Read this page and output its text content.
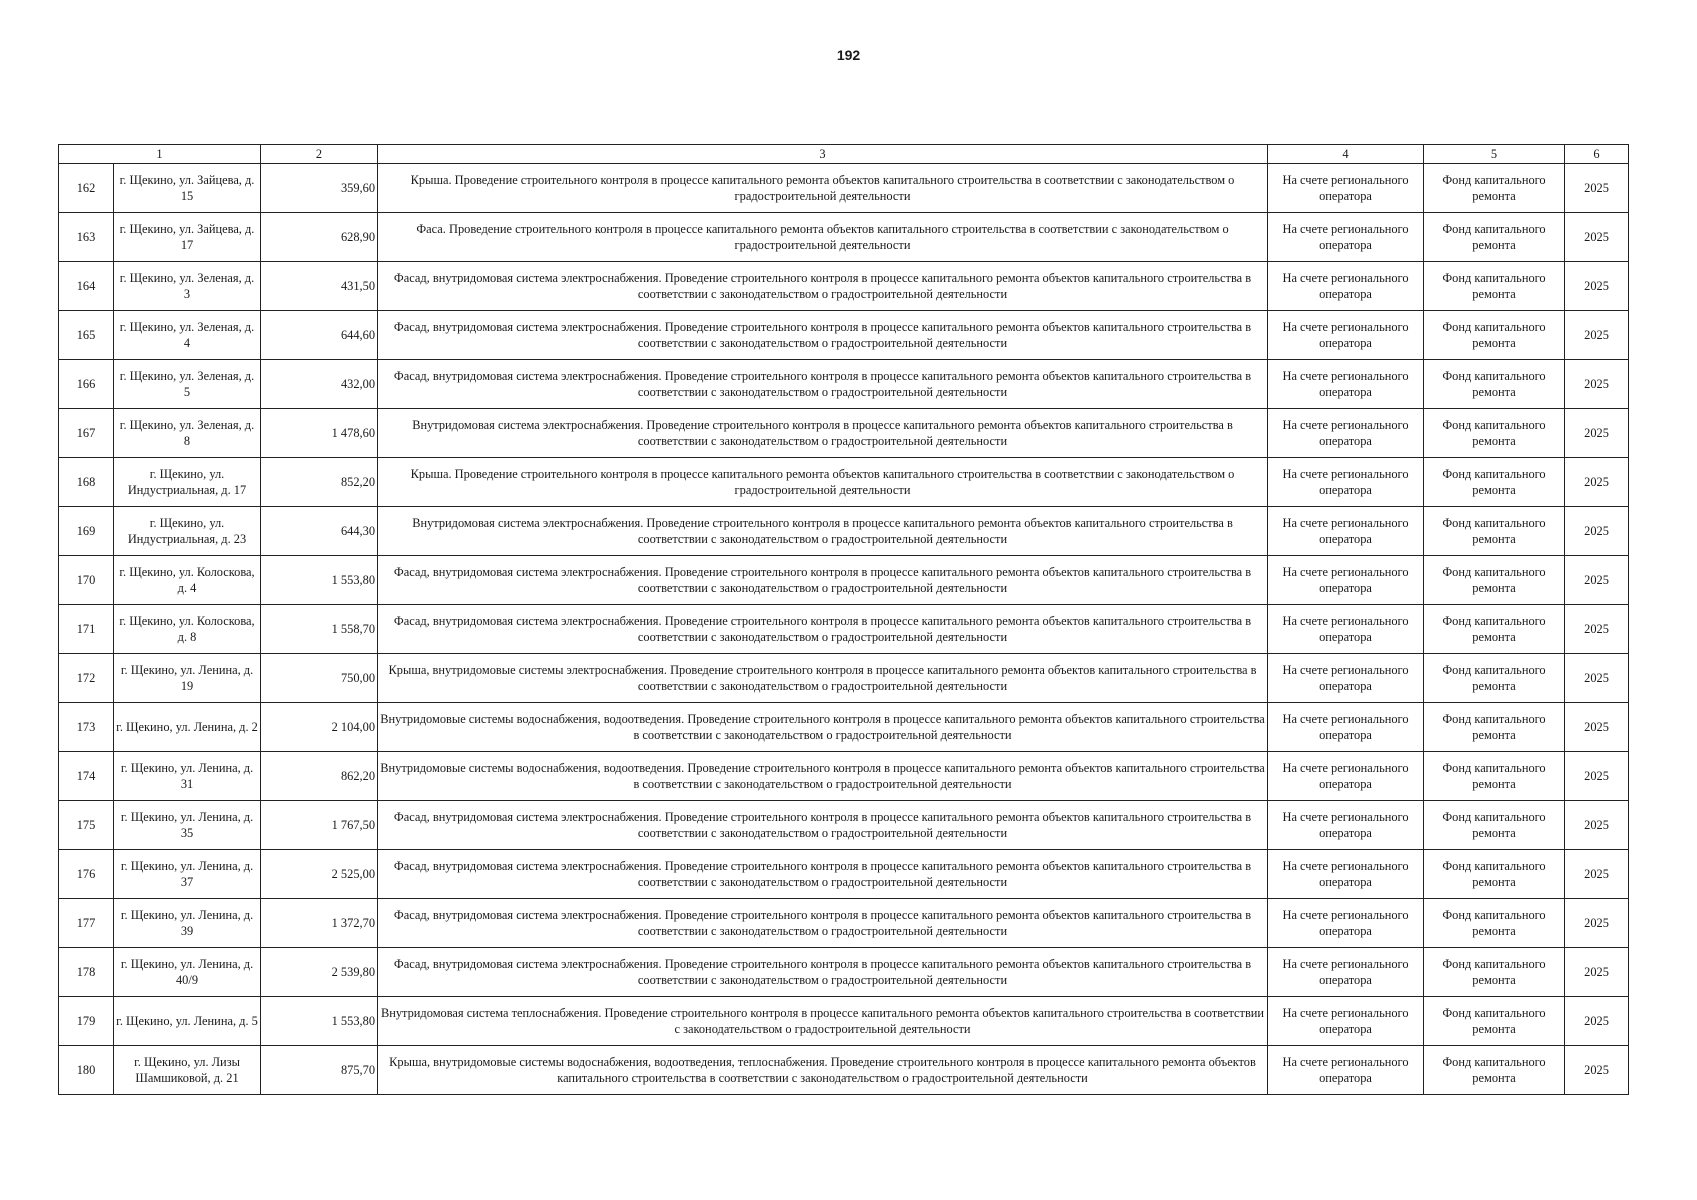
192
1		2	3	4	5	6
162	г. Щекино, ул. Зайцева, д. 15	359,60	Крыша. Проведение строительного контроля в процессе капитального ремонта объектов капитального строительства в соответствии с законодательством о градостроительной деятельности	На счете регионального оператора	Фонд капитального ремонта	2025
163	г. Щекино, ул. Зайцева, д. 17	628,90	Фаса. Проведение строительного контроля в процессе капитального ремонта объектов капитального строительства в соответствии с законодательством о градостроительной деятельности	На счете регионального оператора	Фонд капитального ремонта	2025
164	г. Щекино, ул. Зеленая, д. 3	431,50	Фасад, внутридомовая система электроснабжения. Проведение строительного контроля в процессе капитального ремонта объектов капитального строительства в соответствии с законодательством о градостроительной деятельности	На счете регионального оператора	Фонд капитального ремонта	2025
165	г. Щекино, ул. Зеленая, д. 4	644,60	Фасад, внутридомовая система электроснабжения. Проведение строительного контроля в процессе капитального ремонта объектов капитального строительства в соответствии с законодательством о градостроительной деятельности	На счете регионального оператора	Фонд капитального ремонта	2025
166	г. Щекино, ул. Зеленая, д. 5	432,00	Фасад, внутридомовая система электроснабжения. Проведение строительного контроля в процессе капитального ремонта объектов капитального строительства в соответствии с законодательством о градостроительной деятельности	На счете регионального оператора	Фонд капитального ремонта	2025
167	г. Щекино, ул. Зеленая, д. 8	1 478,60	Внутридомовая система электроснабжения. Проведение строительного контроля в процессе капитального ремонта объектов капитального строительства в соответствии с законодательством о градостроительной деятельности	На счете регионального оператора	Фонд капитального ремонта	2025
168	г. Щекино, ул. Индустриальная, д. 17	852,20	Крыша. Проведение строительного контроля в процессе капитального ремонта объектов капитального строительства в соответствии с законодательством о градостроительной деятельности	На счете регионального оператора	Фонд капитального ремонта	2025
169	г. Щекино, ул. Индустриальная, д. 23	644,30	Внутридомовая система электроснабжения. Проведение строительного контроля в процессе капитального ремонта объектов капитального строительства в соответствии с законодательством о градостроительной деятельности	На счете регионального оператора	Фонд капитального ремонта	2025
170	г. Щекино, ул. Колоскова, д. 4	1 553,80	Фасад, внутридомовая система электроснабжения. Проведение строительного контроля в процессе капитального ремонта объектов капитального строительства в соответствии с законодательством о градостроительной деятельности	На счете регионального оператора	Фонд капитального ремонта	2025
171	г. Щекино, ул. Колоскова, д. 8	1 558,70	Фасад, внутридомовая система электроснабжения. Проведение строительного контроля в процессе капитального ремонта объектов капитального строительства в соответствии с законодательством о градостроительной деятельности	На счете регионального оператора	Фонд капитального ремонта	2025
172	г. Щекино, ул. Ленина, д. 19	750,00	Крыша, внутридомовые системы электроснабжения. Проведение строительного контроля в процессе капитального ремонта объектов капитального строительства в соответствии с законодательством о градостроительной деятельности	На счете регионального оператора	Фонд капитального ремонта	2025
173	г. Щекино, ул. Ленина, д. 2	2 104,00	Внутридомовые системы водоснабжения, водоотведения. Проведение строительного контроля в процессе капитального ремонта объектов капитального строительства в соответствии с законодательством о градостроительной деятельности	На счете регионального оператора	Фонд капитального ремонта	2025
174	г. Щекино, ул. Ленина, д. 31	862,20	Внутридомовые системы водоснабжения, водоотведения. Проведение строительного контроля в процессе капитального ремонта объектов капитального строительства в соответствии с законодательством о градостроительной деятельности	На счете регионального оператора	Фонд капитального ремонта	2025
175	г. Щекино, ул. Ленина, д. 35	1 767,50	Фасад, внутридомовая система электроснабжения. Проведение строительного контроля в процессе капитального ремонта объектов капитального строительства в соответствии с законодательством о градостроительной деятельности	На счете регионального оператора	Фонд капитального ремонта	2025
176	г. Щекино, ул. Ленина, д. 37	2 525,00	Фасад, внутридомовая система электроснабжения. Проведение строительного контроля в процессе капитального ремонта объектов капитального строительства в соответствии с законодательством о градостроительной деятельности	На счете регионального оператора	Фонд капитального ремонта	2025
177	г. Щекино, ул. Ленина, д. 39	1 372,70	Фасад, внутридомовая система электроснабжения. Проведение строительного контроля в процессе капитального ремонта объектов капитального строительства в соответствии с законодательством о градостроительной деятельности	На счете регионального оператора	Фонд капитального ремонта	2025
178	г. Щекино, ул. Ленина, д. 40/9	2 539,80	Фасад, внутридомовая система электроснабжения. Проведение строительного контроля в процессе капитального ремонта объектов капитального строительства в соответствии с законодательством о градостроительной деятельности	На счете регионального оператора	Фонд капитального ремонта	2025
179	г. Щекино, ул. Ленина, д. 5	1 553,80	Внутридомовая система теплоснабжения. Проведение строительного контроля в процессе капитального ремонта объектов капитального строительства в соответствии с законодательством о градостроительной деятельности	На счете регионального оператора	Фонд капитального ремонта	2025
180	г. Щекино, ул. Лизы Шамшиковой, д. 21	875,70	Крыша, внутридомовые системы водоснабжения, водоотведения, теплоснабжения. Проведение строительного контроля в процессе капитального ремонта объектов капитального строительства в соответствии с законодательством о градостроительной деятельности	На счете регионального оператора	Фонд капитального ремонта	2025
